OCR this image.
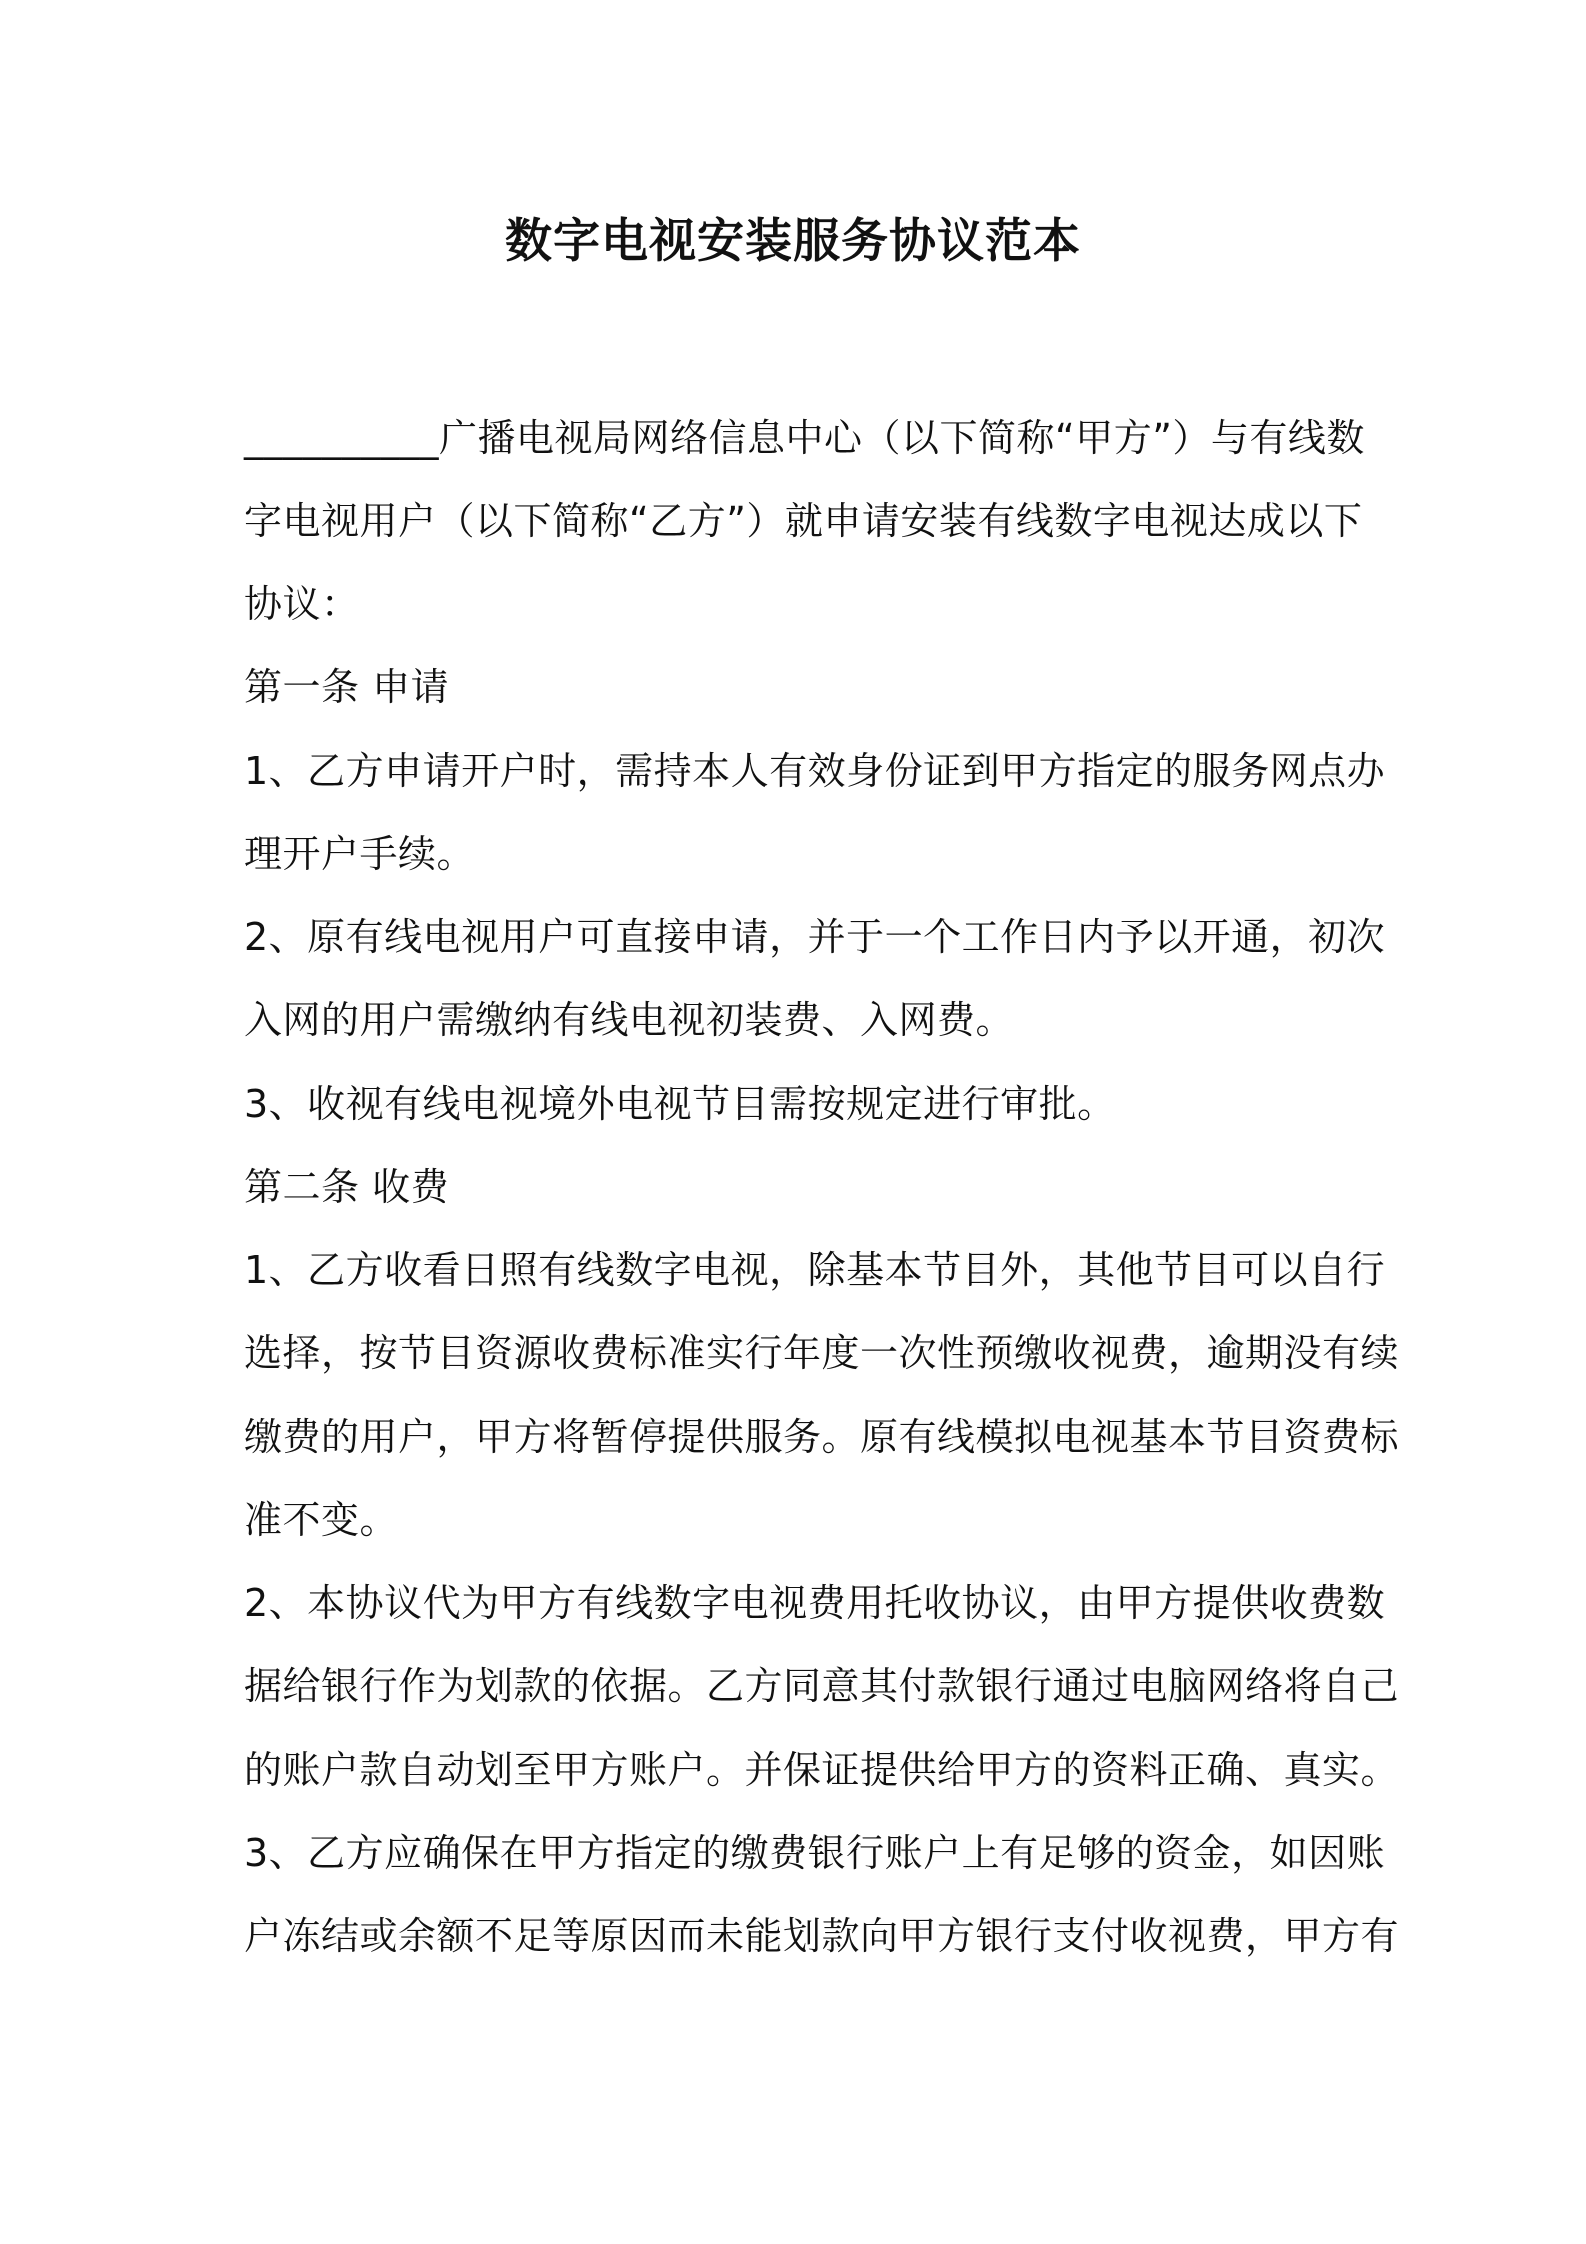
数字电视安装服务协议范本
__________广播电视局网络信息中心（以下简称“甲方”）与有线数
字电视用户（以下简称“乙方”）就申请安装有线数字电视达成以下
协议：
第一条 申请
1、乙方申请开户时，需持本人有效身份证到甲方指定的服务网点办
理开户手续。
2、原有线电视用户可直接申请，并于一个工作日内予以开通，初次
入网的用户需缴纳有线电视初装费、入网费。
3、收视有线电视境外电视节目需按规定进行审批。
第二条 收费
1、乙方收看日照有线数字电视，除基本节目外，其他节目可以自行
选择，按节目资源收费标准实行年度一次性预缴收视费，逾期没有续
缴费的用户，甲方将暂停提供服务。原有线模拟电视基本节目资费标
准不变。
2、本协议代为甲方有线数字电视费用托收协议，由甲方提供收费数
据给银行作为划款的依据。乙方同意其付款银行通过电脑网络将自己
的账户款自动划至甲方账户。并保证提供给甲方的资料正确、真实。
3、乙方应确保在甲方指定的缴费银行账户上有足够的资金，如因账
户冻结或余额不足等原因而未能划款向甲方银行支付收视费，甲方有
